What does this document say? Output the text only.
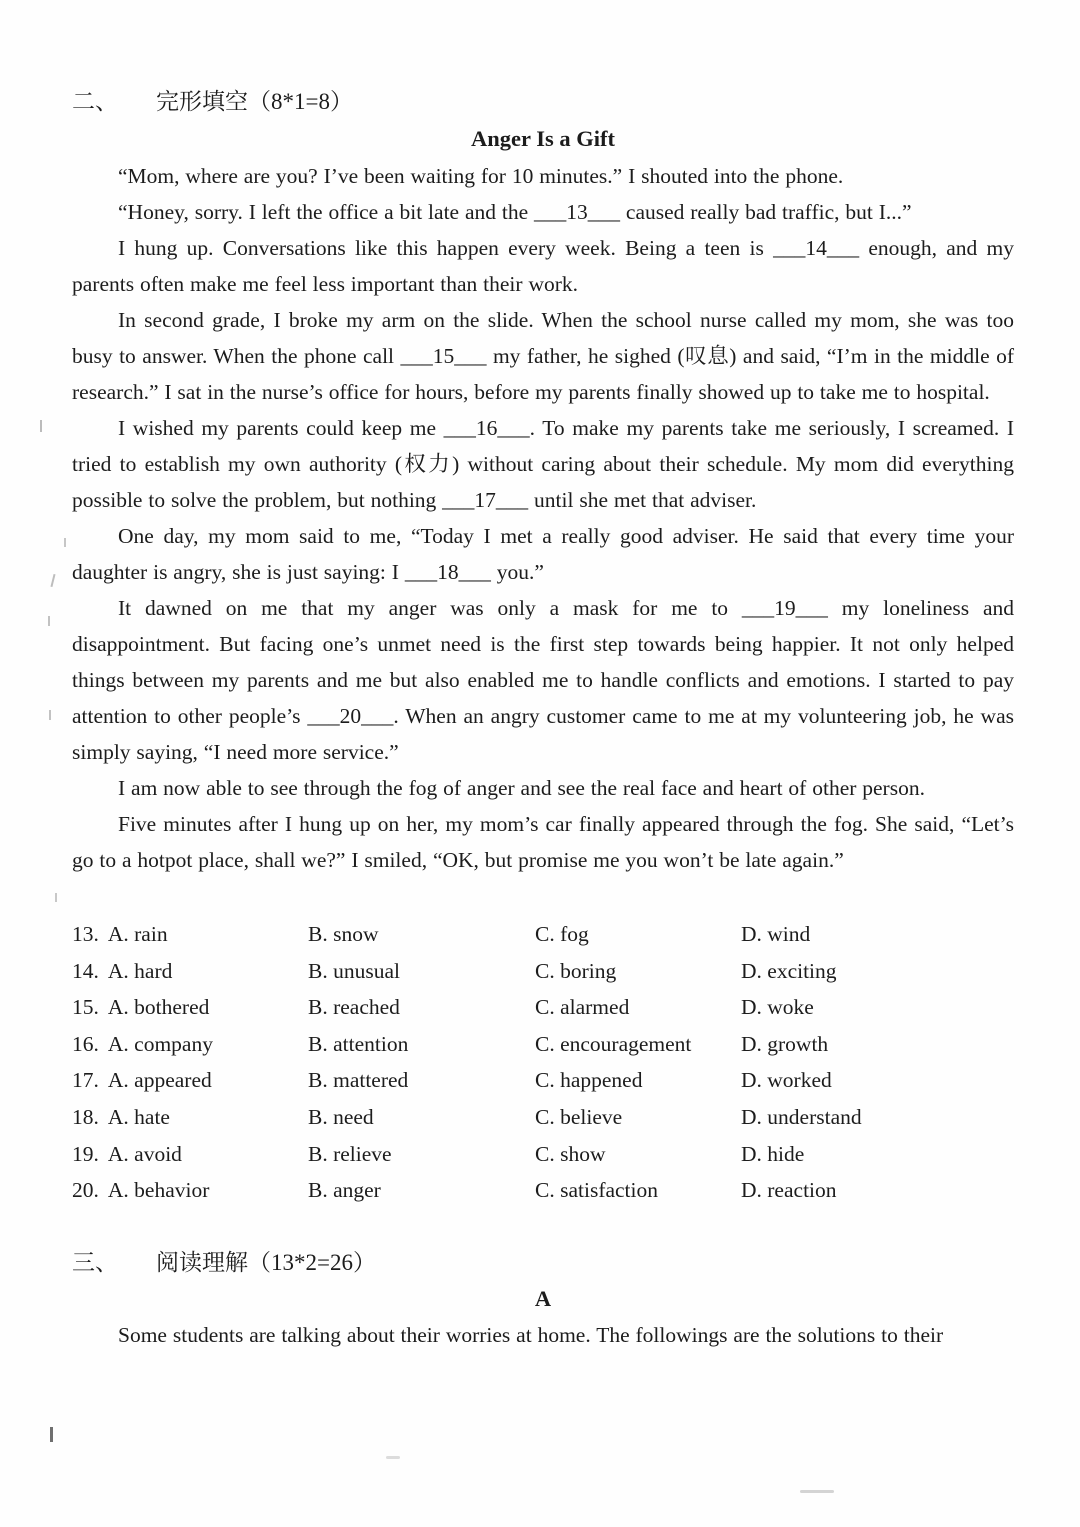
二、 完形填空（8*1=8）
Anger Is a Gift

“Mom, where are you? I’ve been waiting for 10 minutes.” I shouted into the phone.

“Honey, sorry. I left the office a bit late and the ___13___ caused really bad traffic, but I...”

I hung up. Conversations like this happen every week. Being a teen is ___14___ enough, and my parents often make me feel less important than their work.

In second grade, I broke my arm on the slide. When the school nurse called my mom, she was too busy to answer. When the phone call ___15___ my father, he sighed (叹息) and said, “I’m in the middle of research.” I sat in the nurse’s office for hours, before my parents finally showed up to take me to hospital.

I wished my parents could keep me ___16___. To make my parents take me seriously, I screamed. I tried to establish my own authority (权力) without caring about their schedule. My mom did everything possible to solve the problem, but nothing ___17___ until she met that adviser.

One day, my mom said to me, “Today I met a really good adviser. He said that every time your daughter is angry, she is just saying: I ___18___ you.”

It dawned on me that my anger was only a mask for me to ___19___ my loneliness and disappointment. But facing one’s unmet need is the first step towards being happier. It not only helped things between my parents and me but also enabled me to handle conflicts and emotions. I started to pay attention to other people’s ___20___. When an angry customer came to me at my volunteering job, he was simply saying, “I need more service.”

I am now able to see through the fog of anger and see the real face and heart of other person.

Five minutes after I hung up on her, my mom’s car finally appeared through the fog. She said, “Let’s go to a hotpot place, shall we?” I smiled, “OK, but promise me you won’t be late again.”

13. A. rain	B. snow	C. fog	D. wind
14. A. hard	B. unusual	C. boring	D. exciting
15. A. bothered	B. reached	C. alarmed	D. woke
16. A. company	B. attention	C. encouragement	D. growth
17. A. appeared	B. mattered	C. happened	D. worked
18. A. hate	B. need	C. believe	D. understand
19. A. avoid	B. relieve	C. show	D. hide
20. A. behavior	B. anger	C. satisfaction	D. reaction
三、 阅读理解（13*2=26）
A

Some students are talking about their worries at home. The followings are the solutions to their
